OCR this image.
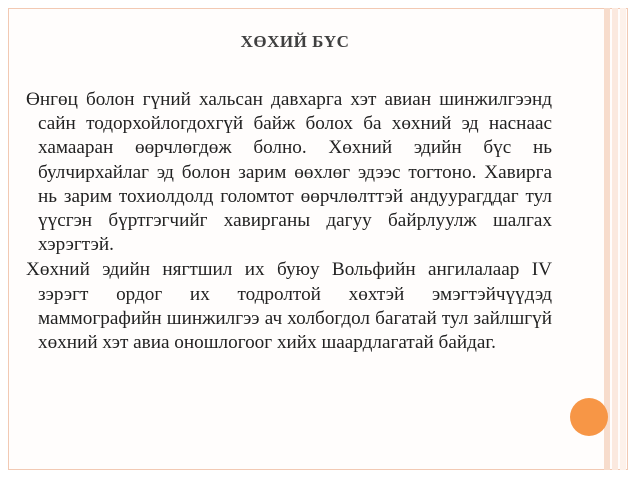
ХӨХИЙ БҮС

Өнгөц болон гүний хальсан давхарга хэт авиан шинжилгээнд сайн тодорхойлогдохгүй байж болох ба хөхний эд наснаас хамааран өөрчлөгдөж болно. Хөхний эдийн бүс нь булчирхайлаг эд болон зарим өөхлөг эдээс тогтоно. Хавирга нь зарим тохиолдолд голомтот өөрчлөлттэй андуурагддаг тул үүсгэн бүртгэгчийг хавирганы дагуу байрлуулж шалгах хэрэгтэй.

Хөхний эдийн нягтшил их буюу Вольфийн ангилалаар IV зэрэгт ордог их тодролтой хөхтэй эмэгтэйчүүдэд маммографийн шинжилгээ ач холбогдол багатай тул зайлшгүй хөхний хэт авиа оношлогоог хийх шаардлагатай байдаг.
